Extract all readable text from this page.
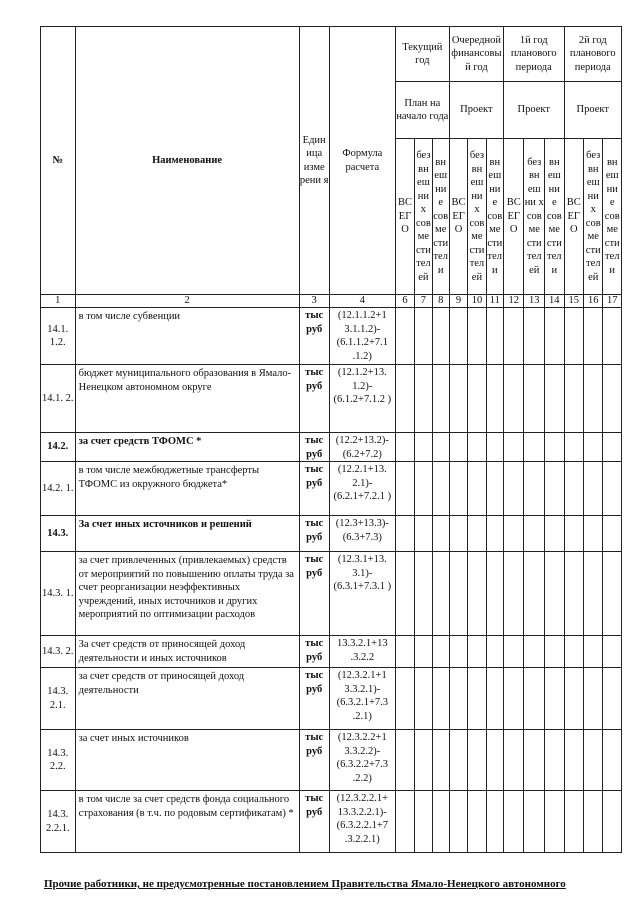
№	Наименование	Един ица изме рени я	Формула расчета	Текущий год			Очередной финансовы й год			1й год планового периода			2й год планового периода		
				План на начало года			Проект			Проект			Проект		
				ВС ЕГ О	без вн еш ни х сов ме сти тел ей	вн еш ни е сов ме сти тел и	ВС ЕГ О	без вн еш ни х сов ме сти тел ей	вн еш ни е сов ме сти тел и	ВС ЕГ О	без вн еш ни х сов ме сти тел ей	вн еш ни е сов ме сти тел и	ВС ЕГ О	без вн еш ни х сов ме сти тел ей	вн еш ни е сов ме сти тел и
1	2	3	4	6	7	8	9	10	11	12	13	14	15	16	17
14.1. 1.2.	в том числе субвенции	тыс руб	(12.1.1.2+1 3.1.1.2)- (6.1.1.2+7.1 .1.2)												
14.1. 2.	бюджет муниципального образования в Ямало-Ненецком автономном округе	тыс руб	(12.1.2+13. 1.2)- (6.1.2+7.1.2 )												
14.2.	за счет средств ТФОМС *	тыс руб	(12.2+13.2)- (6.2+7.2)												
14.2. 1.	в том числе межбюджетные трансферты ТФОМС из окружного бюджета*	тыс руб	(12.2.1+13. 2.1)- (6.2.1+7.2.1 )												
14.3.	За счет иных источников и решений	тыс руб	(12.3+13.3)- (6.3+7.3)												
14.3. 1.	за счет привлеченных (привлекаемых) средств от мероприятий по повышению оплаты труда за счет реорганизации неэффективных учреждений, иных источников и других мероприятий по оптимизации расходов	тыс руб	(12.3.1+13. 3.1)- (6.3.1+7.3.1 )												
14.3. 2.	За счет средств от приносящей доход деятельности и иных источников	тыс руб	13.3.2.1+13 .3.2.2												
14.3. 2.1.	за счет средств от приносящей доход деятельности	тыс руб	(12.3.2.1+1 3.3.2.1)- (6.3.2.1+7.3 .2.1)												
14.3. 2.2.	за счет иных источников	тыс руб	(12.3.2.2+1 3.3.2.2)- (6.3.2.2+7.3 .2.2)												
14.3. 2.2.1.	в том числе за счет средств фонда социального страхования (в т.ч. по родовым сертификатам) *	тыс руб	(12.3.2.2.1+ 13.3.2.2.1)- (6.3.2.2.1+7 .3.2.2.1)												
Прочие работники, не предусмотренные постановлением Правительства Ямало-Ненецкого автономного
